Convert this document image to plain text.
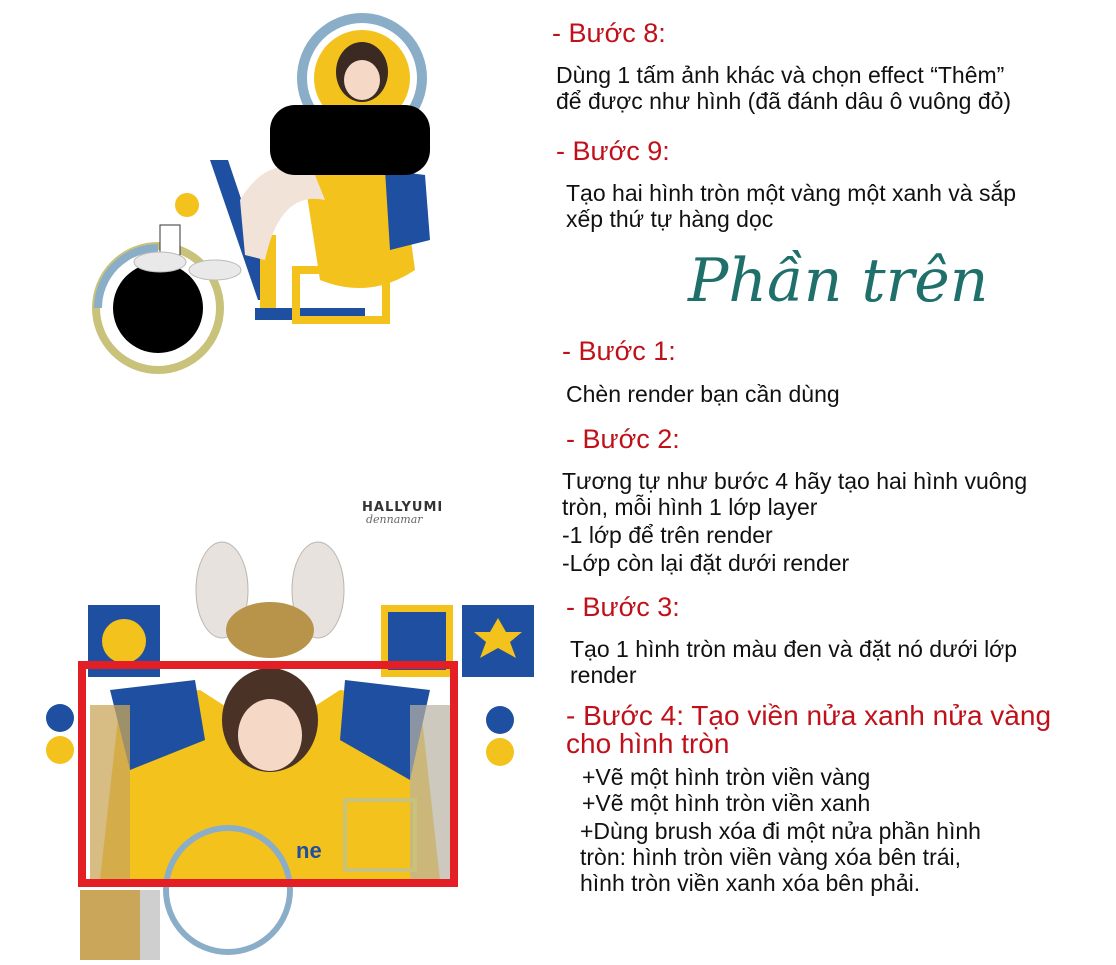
HALLYUMI
dennamar
ne
- Bước 8:
Dùng 1 tấm ảnh khác và chọn effect “Thêm”
để được như hình (đã đánh dâu ô vuông đỏ)
- Bước 9:
Tạo hai hình tròn một vàng một xanh và sắp
xếp thứ tự hàng dọc
Phần trên
- Bước 1:
Chèn render bạn cần dùng
- Bước 2:
Tương tự như bước 4 hãy tạo hai hình vuông
tròn, mỗi hình 1 lớp layer
-1 lớp để trên render
-Lớp còn lại đặt dưới render
- Bước 3:
Tạo 1 hình tròn màu đen và đặt nó dưới lớp
render
- Bước 4: Tạo viền nửa xanh nửa vàng
cho hình tròn
+Vẽ một hình tròn viền vàng
+Vẽ một hình tròn viền xanh
+Dùng brush xóa đi một nửa phần hình
tròn: hình tròn viền vàng xóa bên trái,
hình tròn viền xanh xóa bên phải.
